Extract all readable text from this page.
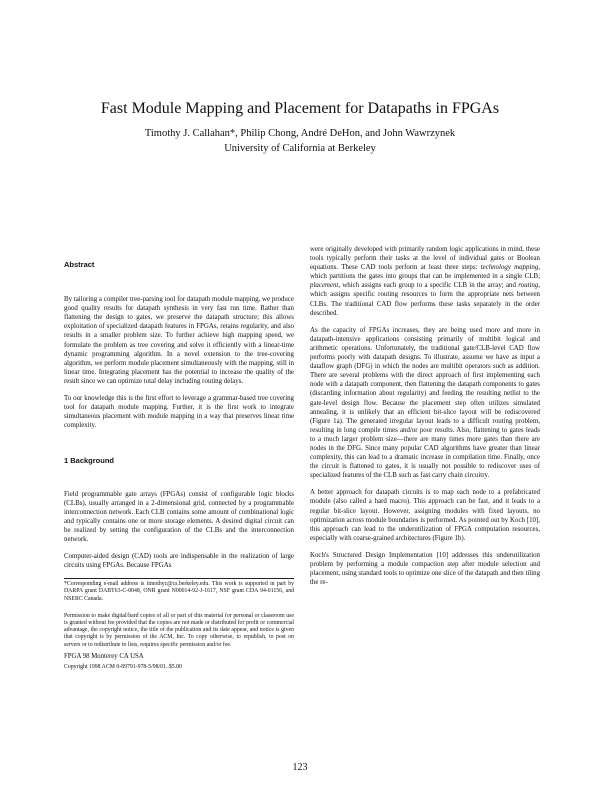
Fast Module Mapping and Placement for Datapaths in FPGAs
Timothy J. Callahan*, Philip Chong, André DeHon, and John Wawrzynek
University of California at Berkeley
Abstract

By tailoring a compiler tree-parsing tool for datapath module mapping, we produce good quality results for datapath synthesis in very fast run time. Rather than flattening the design to gates, we preserve the datapath structure; this allows exploitation of specialized datapath features in FPGAs, retains regularity, and also results in a smaller problem size. To further achieve high mapping speed, we formulate the problem as tree covering and solve it efficiently with a linear-time dynamic programming algorithm. In a novel extension to the tree-covering algorithm, we perform module placement simultaneously with the mapping, still in linear time. Integrating placement has the potential to increase the quality of the result since we can optimize total delay including routing delays.

To our knowledge this is the first effort to leverage a grammar-based tree covering tool for datapath module mapping. Further, it is the first work to integrate simultaneous placement with module mapping in a way that preserves linear time complexity.

1 Background

Field programmable gate arrays (FPGAs) consist of configurable logic blocks (CLBs), usually arranged in a 2-dimensional grid, connected by a programmable interconnection network. Each CLB contains some amount of combinational logic and typically contains one or more storage elements. A desired digital circuit can be realized by setting the configuration of the CLBs and the interconnection network.

Computer-aided design (CAD) tools are indispensable in the realization of large circuits using FPGAs. Because FPGAs

*Corresponding e-mail address is timothyc@cs.berkeley.edu. This work is supported in part by DARPA grant DABT63-C-0048, ONR grant N00014-92-J-1617, NSF grant CDA 94-01156, and NSERC Canada.
Permission to make digital/hard copies of all or part of this material for personal or classroom use is granted without fee provided that the copies are not made or distributed for profit or commercial advantage, the copyright notice, the title of the publication and its date appear, and notice is given that copyright is by permission of the ACM, Inc. To copy otherwise, to republish, to post on servers or to redistribute to lists, requires specific permission and/or fee.
FPGA 98 Monterey CA USA
Copyright 1998 ACM 0-89791-978-5/98/01..$5.00

were originally developed with primarily random logic applications in mind, these tools typically perform their tasks at the level of individual gates or Boolean equations. These CAD tools perform at least three steps: technology mapping, which partitions the gates into groups that can be implemented in a single CLB; placement, which assigns each group to a specific CLB in the array; and routing, which assigns specific routing resources to form the appropriate nets between CLBs. The traditional CAD flow performs these tasks separately in the order described.

As the capacity of FPGAs increases, they are being used more and more in datapath-intensive applications consisting primarily of multibit logical and arithmetic operations. Unfortunately, the traditional gate/CLB-level CAD flow performs poorly with datapath designs. To illustrate, assume we have as input a dataflow graph (DFG) in which the nodes are multibit operators such as addition. There are several problems with the direct approach of first implementing each node with a datapath component, then flattening the datapath components to gates (discarding information about regularity) and feeding the resulting netlist to the gate-level design flow. Because the placement step often utilizes simulated annealing, it is unlikely that an efficient bit-slice layout will be rediscovered (Figure 1a). The generated irregular layout leads to a difficult routing problem, resulting in long compile times and/or poor results. Also, flattening to gates leads to a much larger problem size—there are many times more gates than there are nodes in the DFG. Since many popular CAD algorithms have greater than linear complexity, this can lead to a dramatic increase in compilation time. Finally, once the circuit is flattened to gates, it is usually not possible to rediscover uses of specialized features of the CLB such as fast carry chain circuitry.

A better approach for datapath circuits is to map each node to a prefabricated module (also called a hard macro). This approach can be fast, and it leads to a regular bit-slice layout. However, assigning modules with fixed layouts, no optimization across module boundaries is performed. As pointed out by Koch [10], this approach can lead to the underutilization of FPGA computation resources, especially with coarse-grained architectures (Figure 1b).

Koch's Structured Design Implementation [10] addresses this underutilization problem by performing a module compaction step after module selection and placement, using standard tools to optimize one slice of the datapath and then tiling the re-

123
